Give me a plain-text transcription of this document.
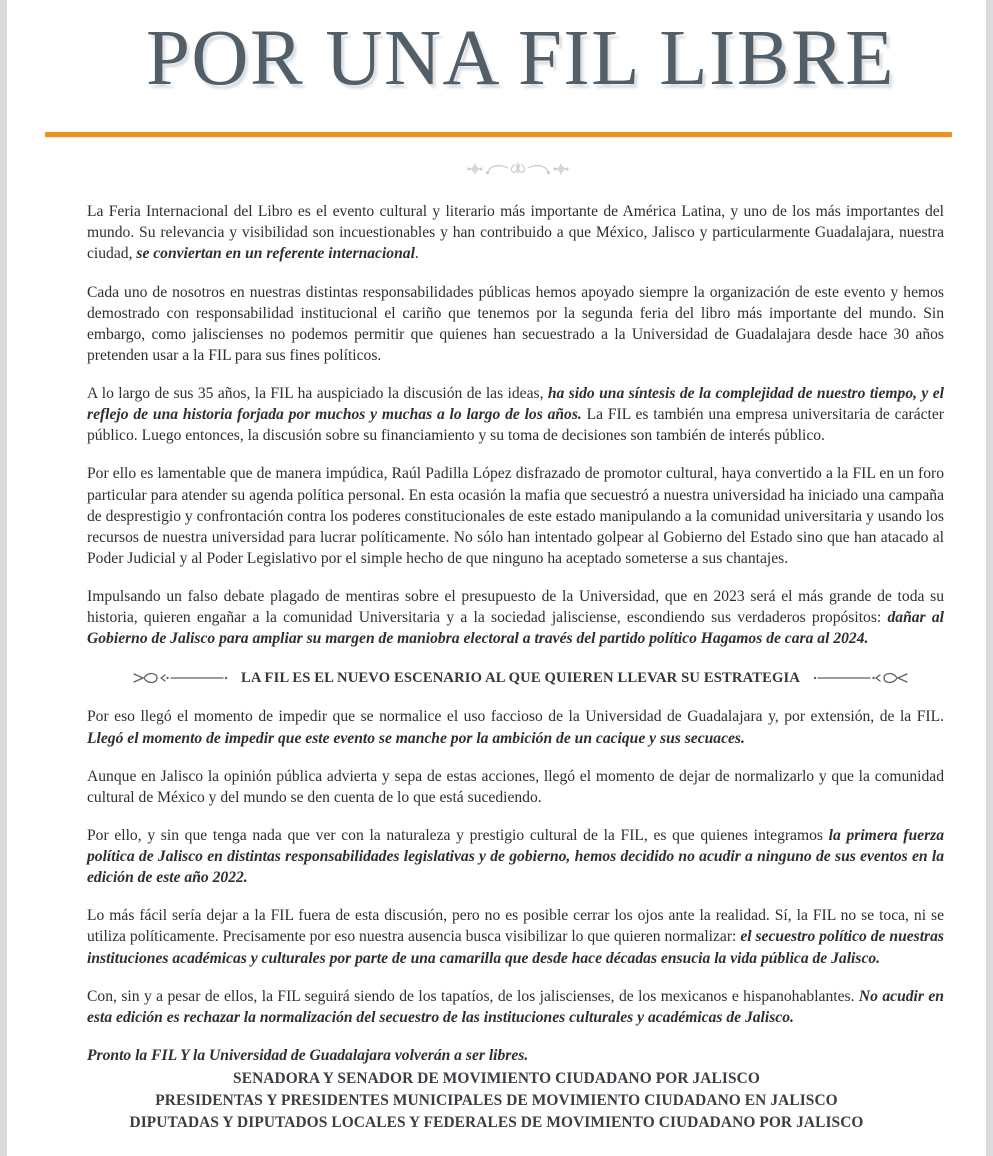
POR UNA FIL LIBRE

La Feria Internacional del Libro es el evento cultural y literario más importante de América Latina, y uno de los más importantes del mundo. Su relevancia y visibilidad son incuestionables y han contribuido a que México, Jalisco y particularmente Guadalajara, nuestra ciudad, se conviertan en un referente internacional.

Cada uno de nosotros en nuestras distintas responsabilidades públicas hemos apoyado siempre la organización de este evento y hemos demostrado con responsabilidad institucional el cariño que tenemos por la segunda feria del libro más importante del mundo. Sin embargo, como jaliscienses no podemos permitir que quienes han secuestrado a la Universidad de Guadalajara desde hace 30 años pretenden usar a la FIL para sus fines políticos.

A lo largo de sus 35 años, la FIL ha auspiciado la discusión de las ideas, ha sido una síntesis de la complejidad de nuestro tiempo, y el reflejo de una historia forjada por muchos y muchas a lo largo de los años. La FIL es también una empresa universitaria de carácter público. Luego entonces, la discusión sobre su financiamiento y su toma de decisiones son también de interés público.

Por ello es lamentable que de manera impúdica, Raúl Padilla López disfrazado de promotor cultural, haya convertido a la FIL en un foro particular para atender su agenda política personal. En esta ocasión la mafia que secuestró a nuestra universidad ha iniciado una campaña de desprestigio y confrontación contra los poderes constitucionales de este estado manipulando a la comunidad universitaria y usando los recursos de nuestra universidad para lucrar políticamente. No sólo han intentado golpear al Gobierno del Estado sino que han atacado al Poder Judicial y al Poder Legislativo por el simple hecho de que ninguno ha aceptado someterse a sus chantajes.

Impulsando un falso debate plagado de mentiras sobre el presupuesto de la Universidad, que en 2023 será el más grande de toda su historia, quieren engañar a la comunidad Universitaria y a la sociedad jalisciense, escondiendo sus verdaderos propósitos: dañar al Gobierno de Jalisco para ampliar su margen de maniobra electoral a través del partido político Hagamos de cara al 2024.

LA FIL ES EL NUEVO ESCENARIO AL QUE QUIEREN LLEVAR SU ESTRATEGIA

Por eso llegó el momento de impedir que se normalice el uso faccioso de la Universidad de Guadalajara y, por extensión, de la FIL. Llegó el momento de impedir que este evento se manche por la ambición de un cacique y sus secuaces.

Aunque en Jalisco la opinión pública advierta y sepa de estas acciones, llegó el momento de dejar de normalizarlo y que la comunidad cultural de México y del mundo se den cuenta de lo que está sucediendo.

Por ello, y sin que tenga nada que ver con la naturaleza y prestigio cultural de la FIL, es que quienes integramos la primera fuerza política de Jalisco en distintas responsabilidades legislativas y de gobierno, hemos decidido no acudir a ninguno de sus eventos en la edición de este año 2022.

Lo más fácil sería dejar a la FIL fuera de esta discusión, pero no es posible cerrar los ojos ante la realidad. Sí, la FIL no se toca, ni se utiliza políticamente. Precisamente por eso nuestra ausencia busca visibilizar lo que quieren normalizar: el secuestro político de nuestras instituciones académicas y culturales por parte de una camarilla que desde hace décadas ensucia la vida pública de Jalisco.

Con, sin y a pesar de ellos, la FIL seguirá siendo de los tapatíos, de los jaliscienses, de los mexicanos e hispanohablantes. No acudir en esta edición es rechazar la normalización del secuestro de las instituciones culturales y académicas de Jalisco.

Pronto la FIL Y la Universidad de Guadalajara volverán a ser libres.

SENADORA Y SENADOR DE MOVIMIENTO CIUDADANO POR JALISCO
PRESIDENTAS Y PRESIDENTES MUNICIPALES DE MOVIMIENTO CIUDADANO EN JALISCO
DIPUTADAS Y DIPUTADOS LOCALES Y FEDERALES DE MOVIMIENTO CIUDADANO POR JALISCO
